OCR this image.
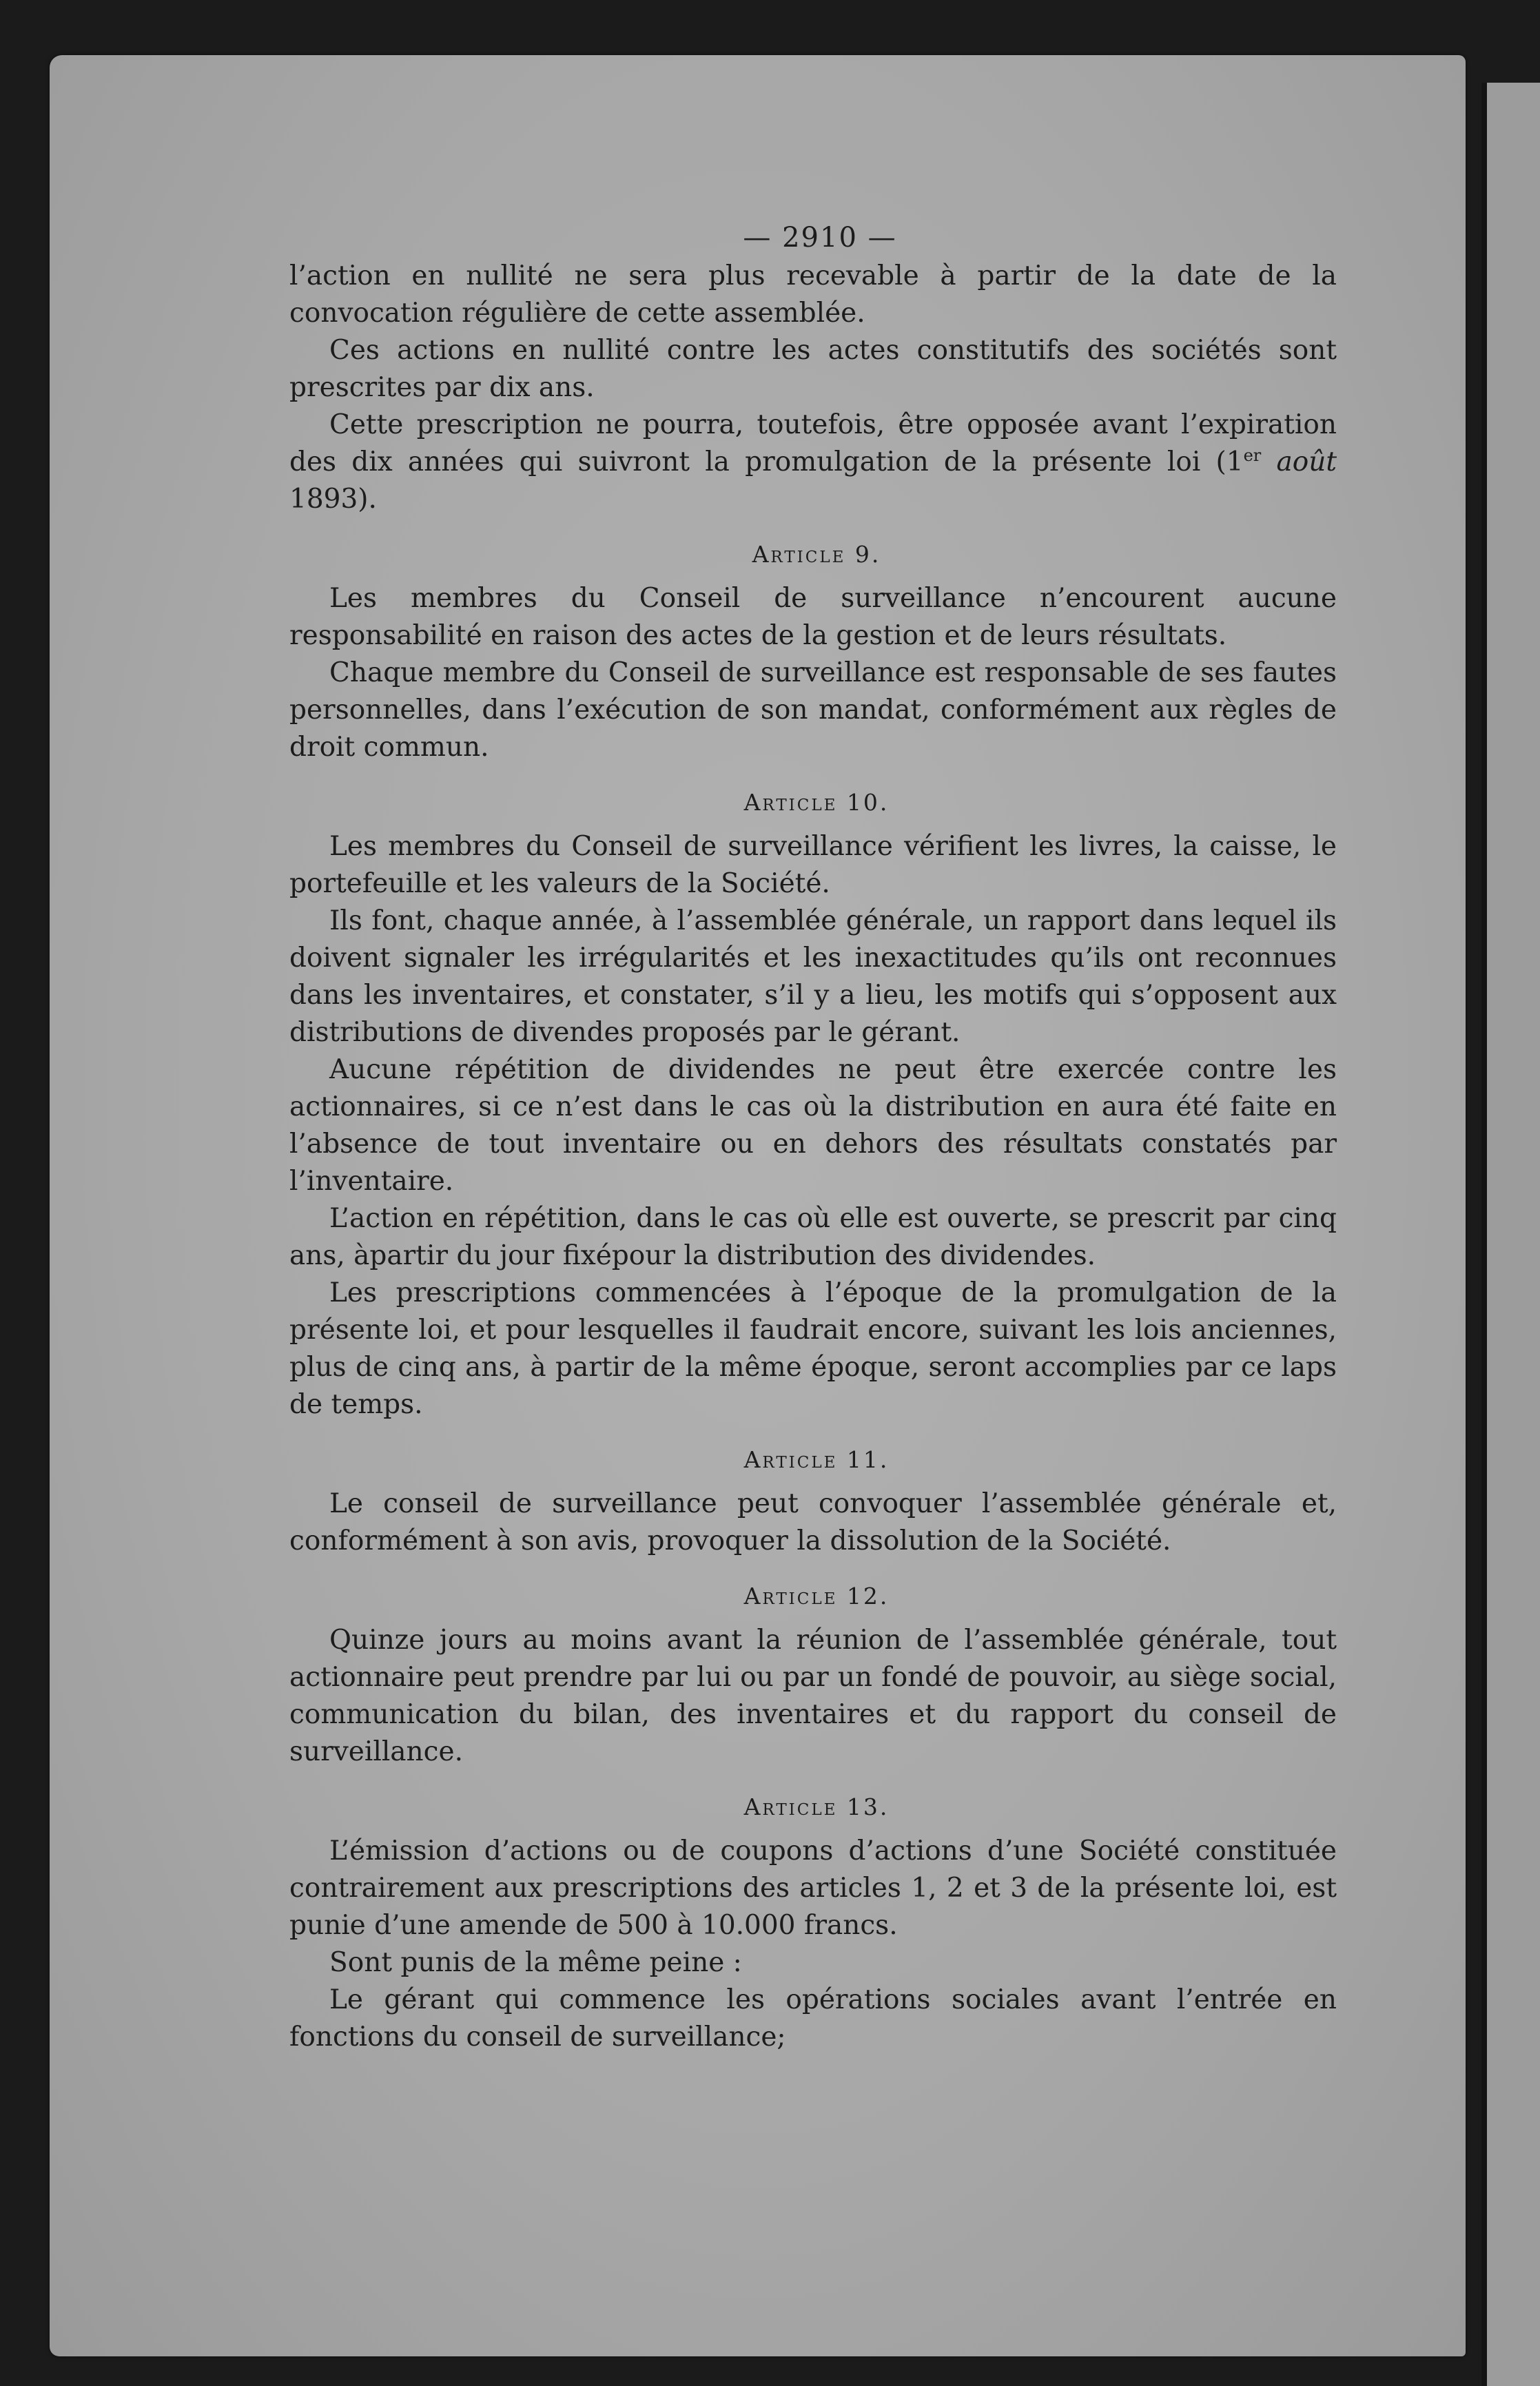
— 2910 —

l’action en nullité ne sera plus recevable à partir de la date de la convocation régulière de cette assemblée.

Ces actions en nullité contre les actes constitutifs des sociétés sont prescrites par dix ans.

Cette prescription ne pourra, toutefois, être opposée avant l’expiration des dix années qui suivront la promulgation de la présente loi (1er août 1893).

Article 9.

Les membres du Conseil de surveillance n’encourent aucune responsabilité en raison des actes de la gestion et de leurs résultats.

Chaque membre du Conseil de surveillance est responsable de ses fautes personnelles, dans l’exécution de son mandat, conformément aux règles de droit commun.

Article 10.

Les membres du Conseil de surveillance vérifient les livres, la caisse, le portefeuille et les valeurs de la Société.

Ils font, chaque année, à l’assemblée générale, un rapport dans lequel ils doivent signaler les irrégularités et les inexactitudes qu’ils ont reconnues dans les inventaires, et constater, s’il y a lieu, les motifs qui s’opposent aux distributions de divendes proposés par le gérant.

Aucune répétition de dividendes ne peut être exercée contre les actionnaires, si ce n’est dans le cas où la distribution en aura été faite en l’absence de tout inventaire ou en dehors des résultats constatés par l’inventaire.

L’action en répétition, dans le cas où elle est ouverte, se prescrit par cinq ans, àpartir du jour fixépour la distribution des dividendes.

Les prescriptions commencées à l’époque de la promulgation de la présente loi, et pour lesquelles il faudrait encore, suivant les lois anciennes, plus de cinq ans, à partir de la même époque, seront accomplies par ce laps de temps.

Article 11.

Le conseil de surveillance peut convoquer l’assemblée générale et, conformément à son avis, provoquer la dissolution de la Société.

Article 12.

Quinze jours au moins avant la réunion de l’assemblée générale, tout actionnaire peut prendre par lui ou par un fondé de pouvoir, au siège social, communication du bilan, des inventaires et du rapport du conseil de surveillance.

Article 13.

L’émission d’actions ou de coupons d’actions d’une Société constituée contrairement aux prescriptions des articles 1, 2 et 3 de la présente loi, est punie d’une amende de 500 à 10.000 francs.

Sont punis de la même peine :

Le gérant qui commence les opérations sociales avant l’entrée en fonctions du conseil de surveillance;
